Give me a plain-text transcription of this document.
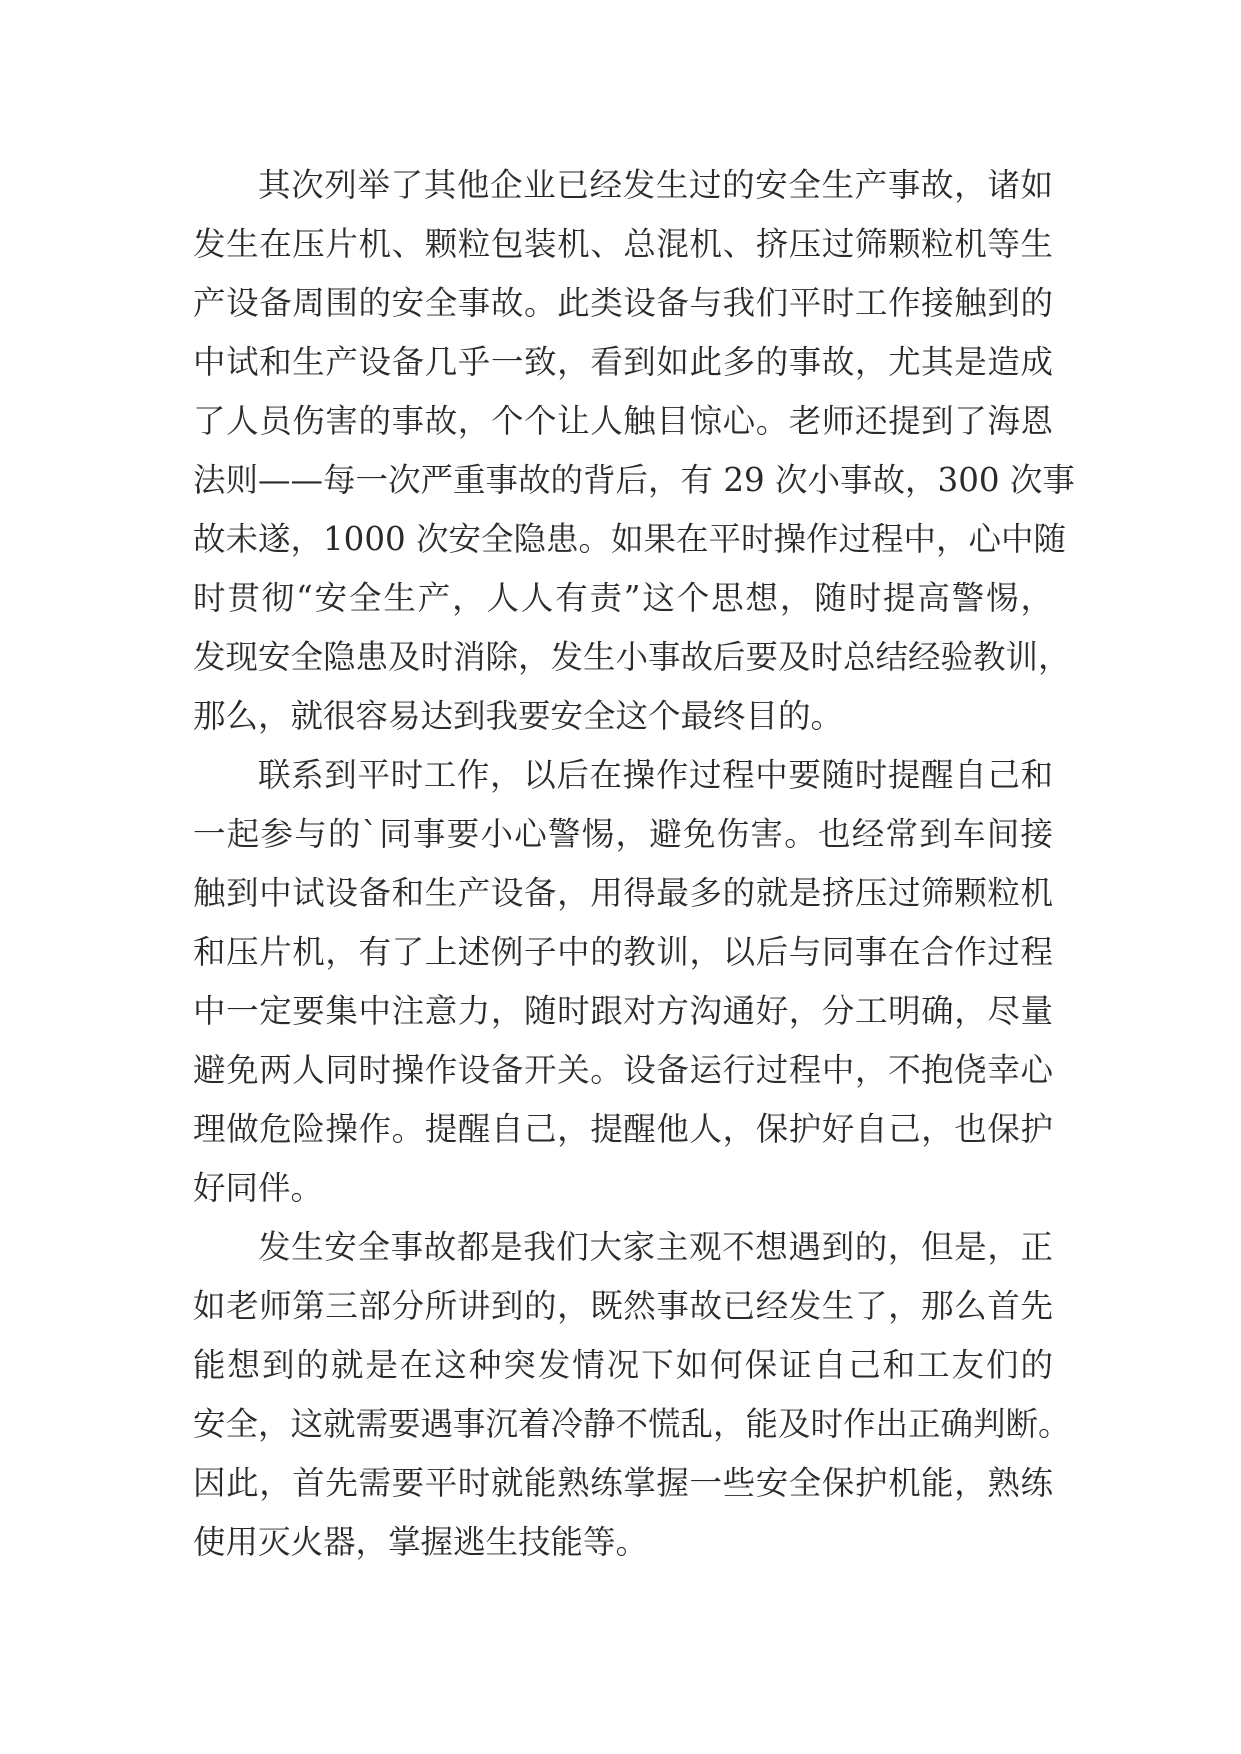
其次列举了其他企业已经发生过的安全生产事故，诸如
发生在压片机、颗粒包装机、总混机、挤压过筛颗粒机等生
产设备周围的安全事故。此类设备与我们平时工作接触到的
中试和生产设备几乎一致，看到如此多的事故，尤其是造成
了人员伤害的事故，个个让人触目惊心。老师还提到了海恩
法则——每一次严重事故的背后，有 29 次小事故，300 次事
故未遂，1000 次安全隐患。如果在平时操作过程中，心中随
时贯彻“安全生产，人人有责”这个思想，随时提高警惕，
发现安全隐患及时消除，发生小事故后要及时总结经验教训，
那么，就很容易达到我要安全这个最终目的。

联系到平时工作，以后在操作过程中要随时提醒自己和
一起参与的`同事要小心警惕，避免伤害。也经常到车间接
触到中试设备和生产设备，用得最多的就是挤压过筛颗粒机
和压片机，有了上述例子中的教训，以后与同事在合作过程
中一定要集中注意力，随时跟对方沟通好，分工明确，尽量
避免两人同时操作设备开关。设备运行过程中，不抱侥幸心
理做危险操作。提醒自己，提醒他人，保护好自己，也保护
好同伴。

发生安全事故都是我们大家主观不想遇到的，但是，正
如老师第三部分所讲到的，既然事故已经发生了，那么首先
能想到的就是在这种突发情况下如何保证自己和工友们的
安全，这就需要遇事沉着冷静不慌乱，能及时作出正确判断。
因此，首先需要平时就能熟练掌握一些安全保护机能，熟练
使用灭火器，掌握逃生技能等。
